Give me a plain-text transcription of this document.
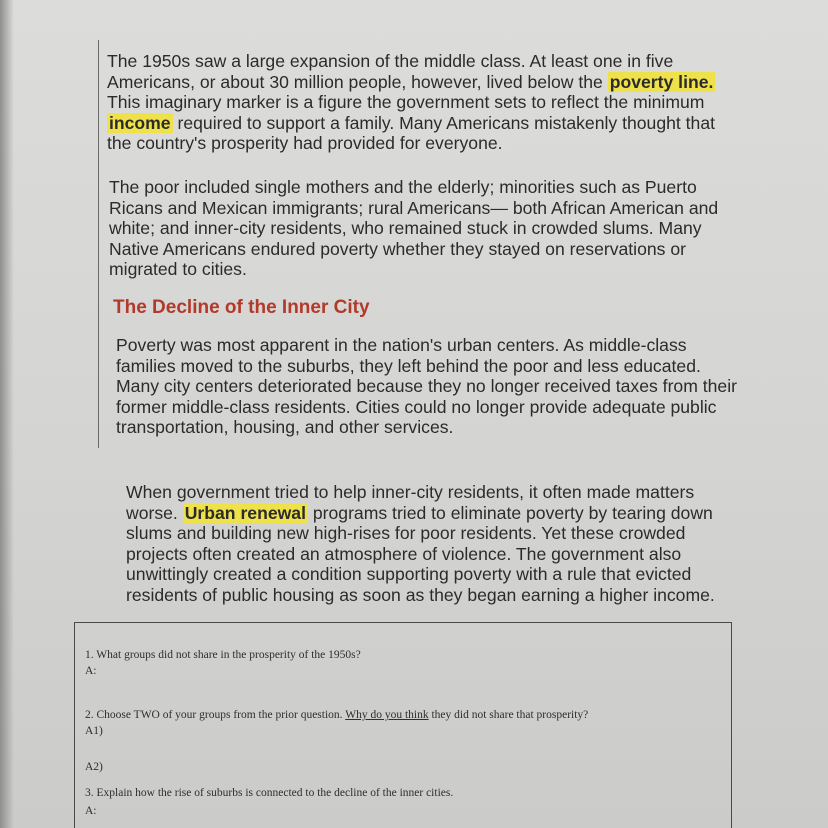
The 1950s saw a large expansion of the middle class. At least one in five Americans, or about 30 million people, however, lived below the poverty line. This imaginary marker is a figure the government sets to reflect the minimum income required to support a family. Many Americans mistakenly thought that the country's prosperity had provided for everyone.

The poor included single mothers and the elderly; minorities such as Puerto Ricans and Mexican immigrants; rural Americans— both African American and white; and inner-city residents, who remained stuck in crowded slums. Many Native Americans endured poverty whether they stayed on reservations or migrated to cities.

The Decline of the Inner City

Poverty was most apparent in the nation's urban centers. As middle-class families moved to the suburbs, they left behind the poor and less educated. Many city centers deteriorated because they no longer received taxes from their former middle-class residents. Cities could no longer provide adequate public transportation, housing, and other services.

When government tried to help inner-city residents, it often made matters worse. Urban renewal programs tried to eliminate poverty by tearing down slums and building new high-rises for poor residents. Yet these crowded projects often created an atmosphere of violence. The government also unwittingly created a condition supporting poverty with a rule that evicted residents of public housing as soon as they began earning a higher income.

1. What groups did not share in the prosperity of the 1950s?
A:
2. Choose TWO of your groups from the prior question. Why do you think they did not share that prosperity?
A1)
A2)
3. Explain how the rise of suburbs is connected to the decline of the inner cities.
A:
